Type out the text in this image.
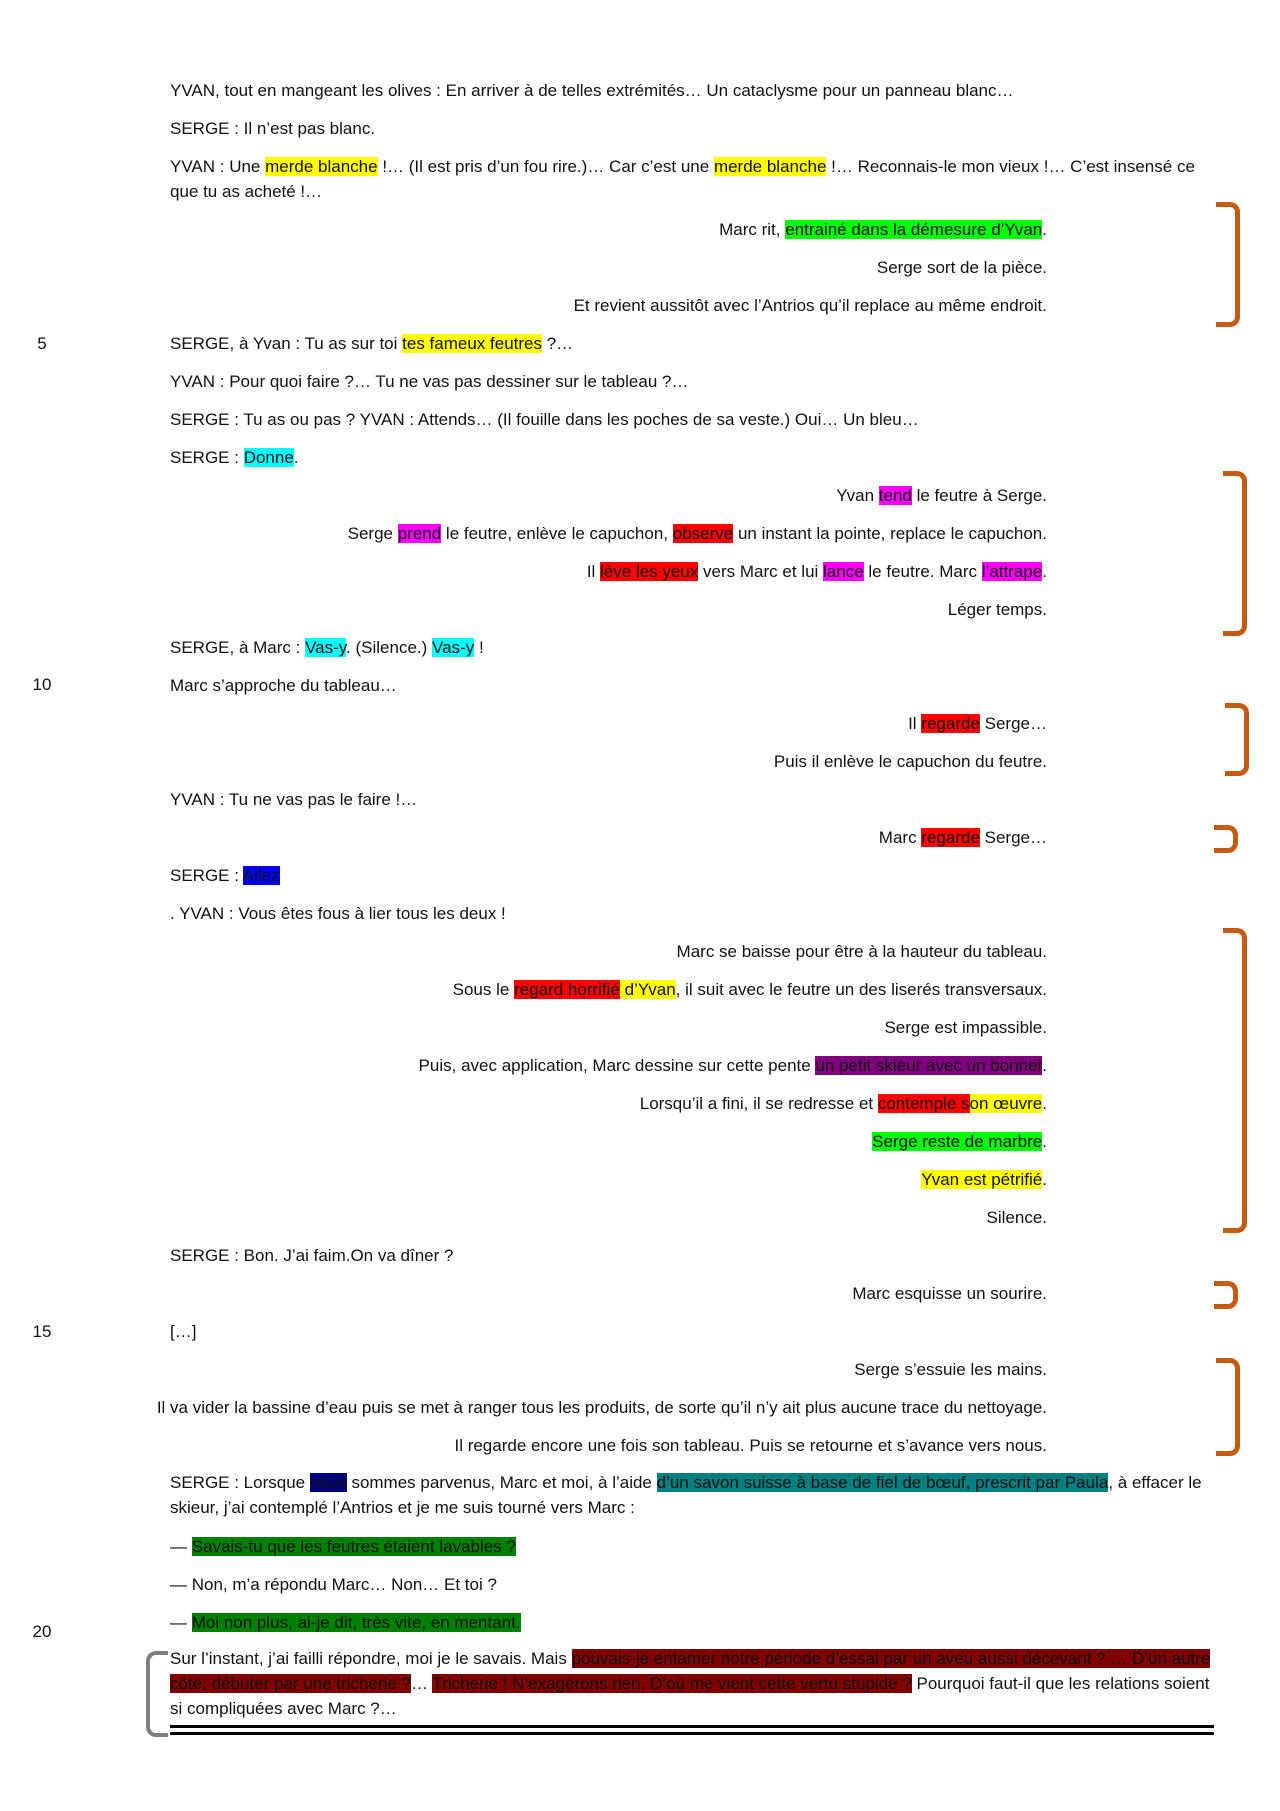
5
10
15
20
YVAN, tout en mangeant les olives : En arriver à de telles extrémités… Un cataclysme pour un panneau blanc…
SERGE : Il n’est pas blanc.
YVAN : Une merde blanche !… (Il est pris d’un fou rire.)… Car c’est une merde blanche !… Reconnais-le mon vieux !… C’est insensé ce que tu as acheté !…
Marc rit, entrainé dans la démesure d’Yvan.
Serge sort de la pièce.
Et revient aussitôt avec l’Antrios qu’il replace au même endroit.
SERGE, à Yvan : Tu as sur toi tes fameux feutres ?…
YVAN : Pour quoi faire ?… Tu ne vas pas dessiner sur le tableau ?…
SERGE : Tu as ou pas ? YVAN : Attends… (Il fouille dans les poches de sa veste.) Oui… Un bleu…
SERGE : Donne.
Yvan tend le feutre à Serge.
Serge prend le feutre, enlève le capuchon, observe un instant la pointe, replace le capuchon.
Il lève les yeux vers Marc et lui lance le feutre. Marc l’attrape.
Léger temps.
SERGE, à Marc : Vas-y. (Silence.) Vas-y !
Marc s’approche du tableau…
Il regarde Serge…
Puis il enlève le capuchon du feutre.
YVAN : Tu ne vas pas le faire !…
Marc regarde Serge…
SERGE : Allez
. YVAN : Vous êtes fous à lier tous les deux !
Marc se baisse pour être à la hauteur du tableau.
Sous le regard horrifié d’Yvan, il suit avec le feutre un des liserés transversaux.
Serge est impassible.
Puis, avec application, Marc dessine sur cette pente un petit skieur avec un bonnet.
Lorsqu’il a fini, il se redresse et contemple son œuvre.
Serge reste de marbre.
Yvan est pétrifié.
Silence.
SERGE : Bon. J’ai faim.On va dîner ?
Marc esquisse un sourire.
[…]
Serge s’essuie les mains.
Il va vider la bassine d’eau puis se met à ranger tous les produits, de sorte qu’il n’y ait plus aucune trace du nettoyage.
Il regarde encore une fois son tableau. Puis se retourne et s’avance vers nous.
SERGE : Lorsque nous sommes parvenus, Marc et moi, à l’aide d’un savon suisse à base de fiel de bœuf, prescrit par Paula, à effacer le skieur, j’ai contemplé l’Antrios et je me suis tourné vers Marc :
— Savais-tu que les feutres étaient lavables ?
— Non, m’a répondu Marc… Non… Et toi ?
— Moi non plus, ai-je dit, très vite, en mentant.
Sur l’instant, j’ai failli répondre, moi je le savais. Mais pouvais-je entamer notre période d’essai par un aveu aussi décevant ? … D’un autre côté, débuter par une tricherie ?… Tricherie ! N’exagérons rien. D’où me vient cette vertu stupide ? Pourquoi faut-il que les relations soient si compliquées avec Marc ?…
